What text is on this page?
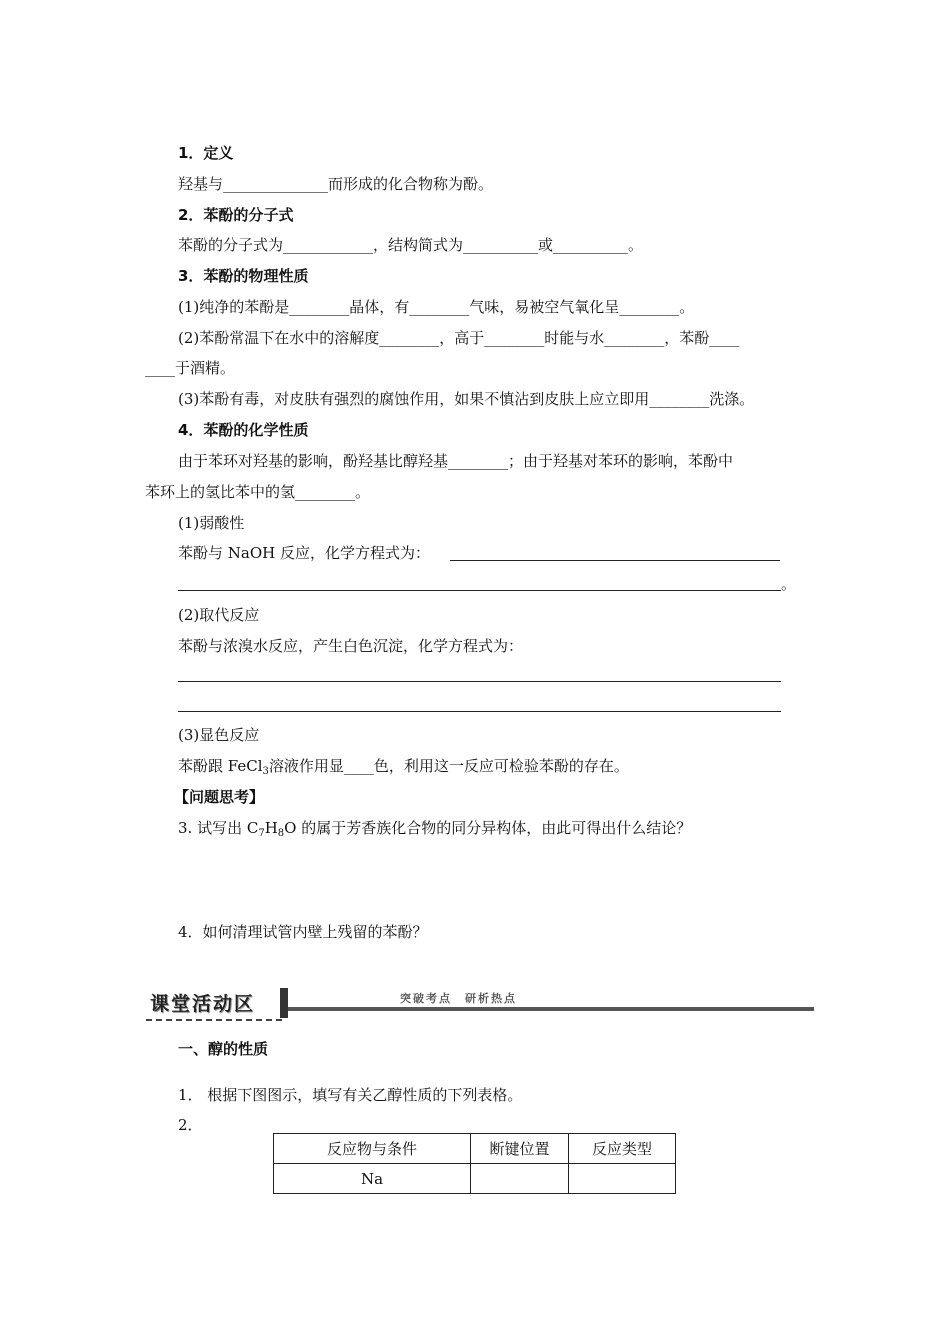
1．定义
羟基与______________而形成的化合物称为酚。
2．苯酚的分子式
苯酚的分子式为____________，结构简式为__________或__________。
3．苯酚的物理性质
(1)纯净的苯酚是________晶体，有________气味，易被空气氧化呈________。
(2)苯酚常温下在水中的溶解度________，高于________时能与水________，苯酚____
____于酒精。
(3)苯酚有毒，对皮肤有强烈的腐蚀作用，如果不慎沾到皮肤上应立即用________洗涤。
4．苯酚的化学性质
由于苯环对羟基的影响，酚羟基比醇羟基________；由于羟基对苯环的影响，苯酚中
苯环上的氢比苯中的氢________。
(1)弱酸性
苯酚与 NaOH 反应，化学方程式为：
。
(2)取代反应
苯酚与浓溴水反应，产生白色沉淀，化学方程式为：
(3)显色反应
苯酚跟 FeCl$_3$溶液作用显____色，利用这一反应可检验苯酚的存在。
【问题思考】
3. 试写出 $C_7H_8O$ 的属于芳香族化合物的同分异构体，由此可得出什么结论？
4．如何清理试管内壁上残留的苯酚？
课堂活动区	突破考点　研析热点
一、醇的性质
1． 根据下图图示，填写有关乙醇性质的下列表格。
2．
反应物与条件	断键位置	反应类型
Na		
